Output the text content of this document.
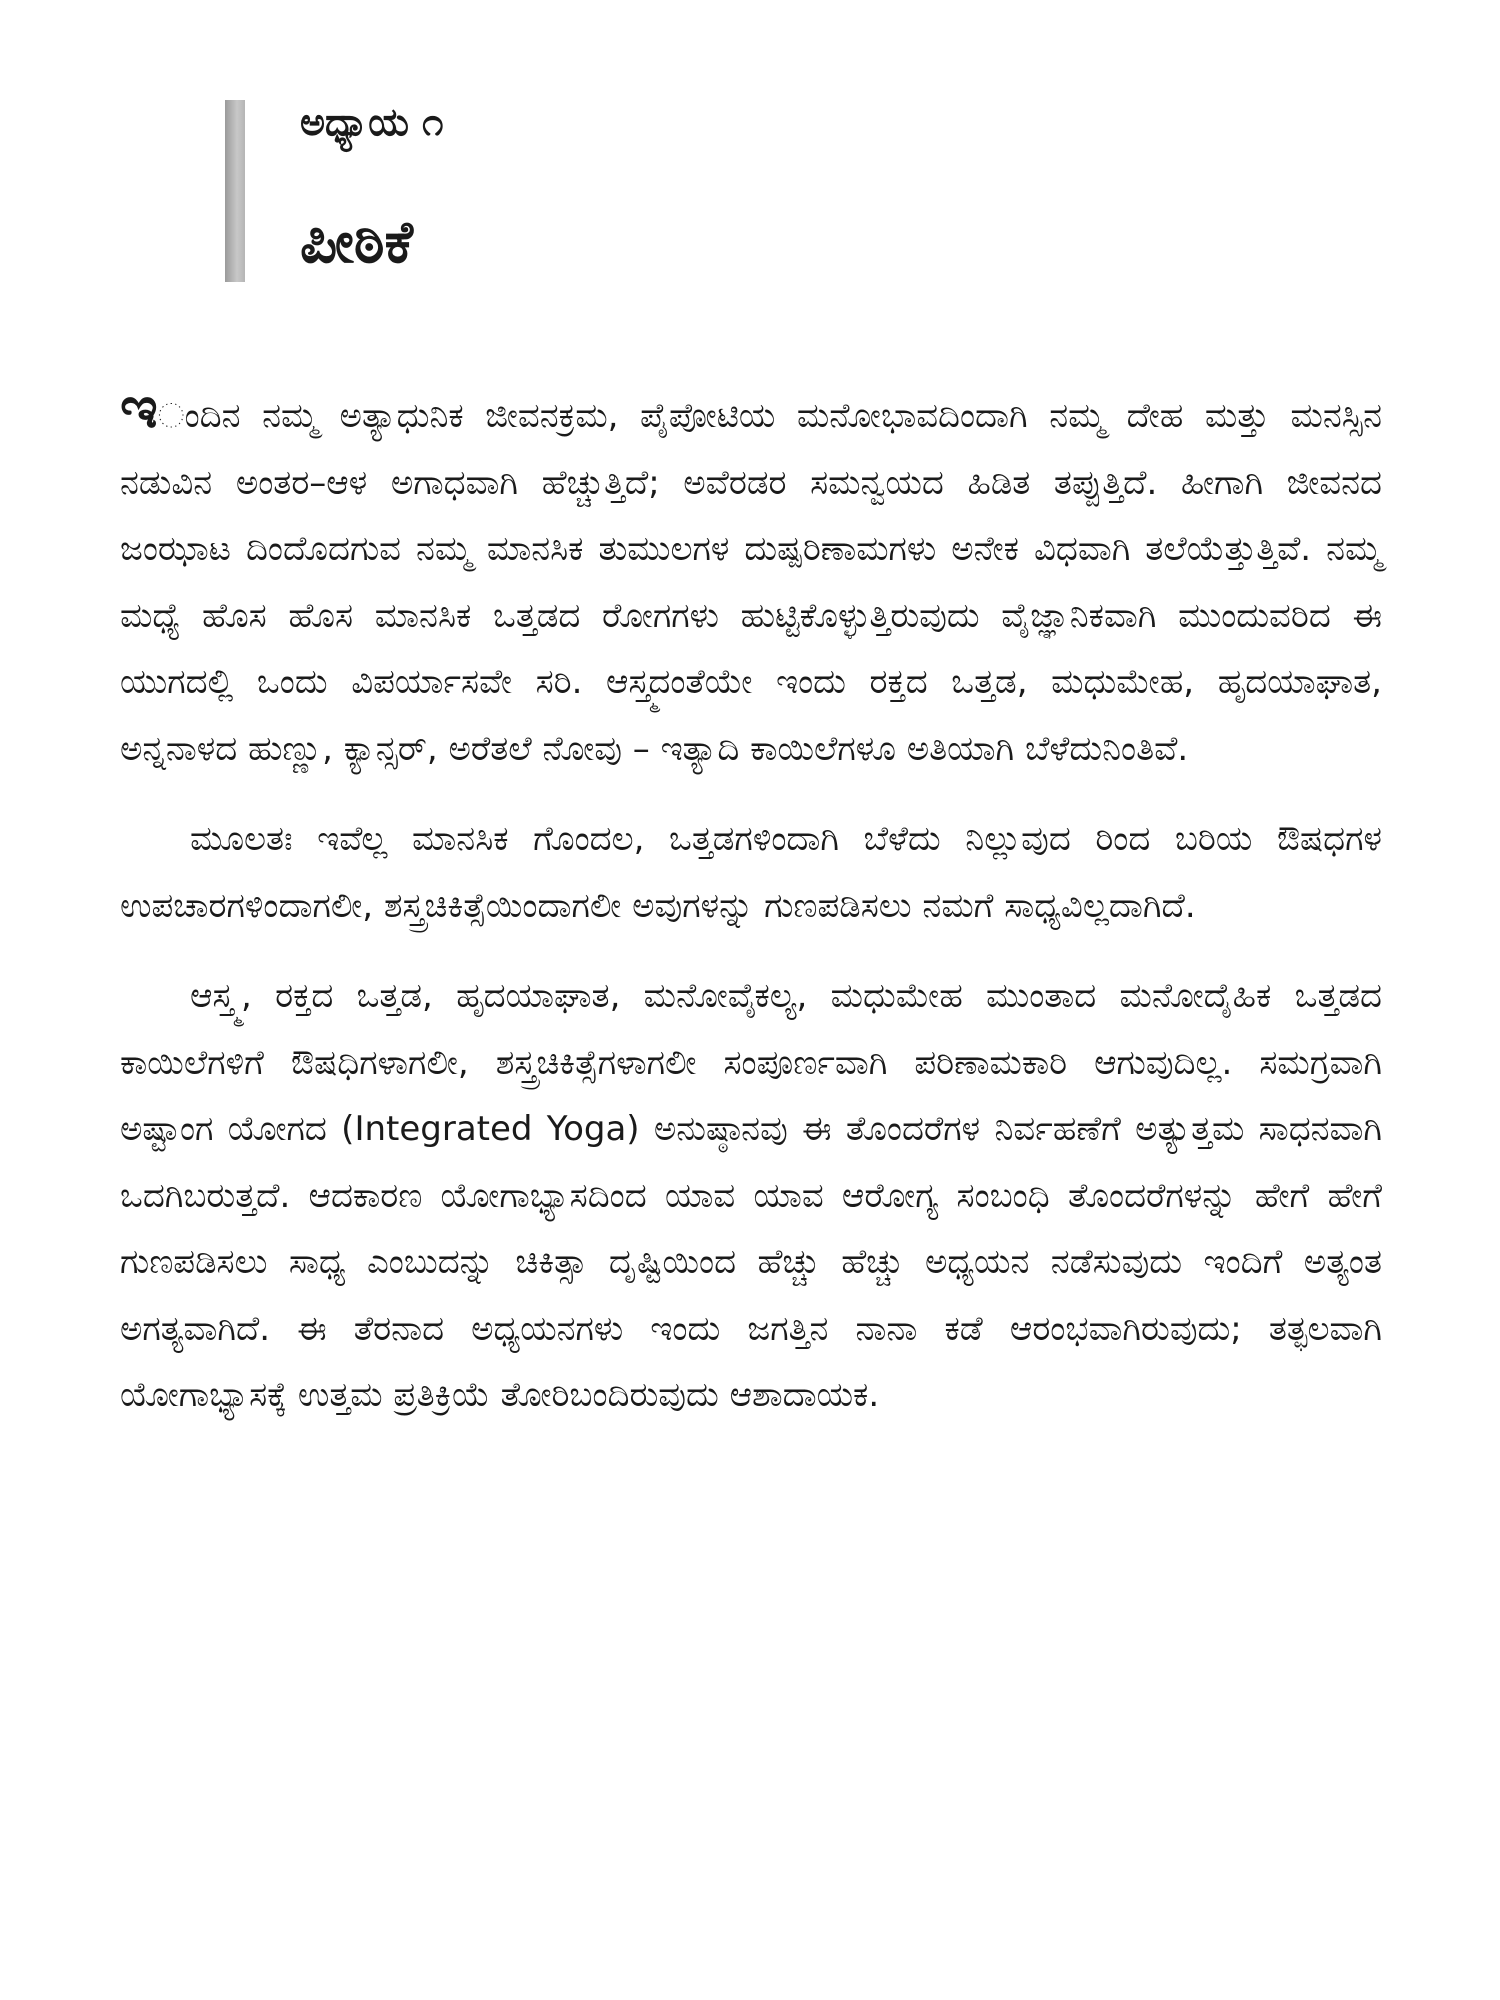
ಅಧ್ಯಾಯ ೧
ಪೀಠಿಕೆ

ಇಂದಿನ ನಮ್ಮ ಅತ್ಯಾಧುನಿಕ ಜೀವನಕ್ರಮ, ಪೈಪೋಟಿಯ ಮನೋಭಾವದಿಂದಾಗಿ ನಮ್ಮ ದೇಹ ಮತ್ತು ಮನಸ್ಸಿನ ನಡುವಿನ ಅಂತರ–ಆಳ ಅಗಾಧವಾಗಿ ಹೆಚ್ಚುತ್ತಿದೆ; ಅವೆರಡರ ಸಮನ್ವಯದ ಹಿಡಿತ ತಪ್ಪುತ್ತಿದೆ. ಹೀಗಾಗಿ ಜೀವನದ ಜಂಝಾಟ ದಿಂದೊದಗುವ ನಮ್ಮ ಮಾನಸಿಕ ತುಮುಲಗಳ ದುಷ್ಪರಿಣಾಮಗಳು ಅನೇಕ ವಿಧವಾಗಿ ತಲೆಯೆತ್ತುತ್ತಿವೆ. ನಮ್ಮ ಮಧ್ಯೆ ಹೊಸ ಹೊಸ ಮಾನಸಿಕ ಒತ್ತಡದ ರೋಗಗಳು ಹುಟ್ಟಿಕೊಳ್ಳುತ್ತಿರುವುದು ವೈಜ್ಞಾನಿಕವಾಗಿ ಮುಂದುವರಿದ ಈ ಯುಗದಲ್ಲಿ ಒಂದು ವಿಪರ್ಯಾಸವೇ ಸರಿ. ಆಸ್ತ್ಮದಂತೆಯೇ ಇಂದು ರಕ್ತದ ಒತ್ತಡ, ಮಧುಮೇಹ, ಹೃದಯಾಘಾತ, ಅನ್ನನಾಳದ ಹುಣ್ಣು, ಕ್ಯಾನ್ಸರ್, ಅರೆತಲೆ ನೋವು – ಇತ್ಯಾದಿ ಕಾಯಿಲೆಗಳೂ ಅತಿಯಾಗಿ ಬೆಳೆದುನಿಂತಿವೆ.

ಮೂಲತಃ ಇವೆಲ್ಲ ಮಾನಸಿಕ ಗೊಂದಲ, ಒತ್ತಡಗಳಿಂದಾಗಿ ಬೆಳೆದು ನಿಲ್ಲುವುದ ರಿಂದ ಬರಿಯ ಔಷಧಗಳ ಉಪಚಾರಗಳಿಂದಾಗಲೀ, ಶಸ್ತ್ರಚಿಕಿತ್ಸೆಯಿಂದಾಗಲೀ ಅವುಗಳನ್ನು ಗುಣಪಡಿಸಲು ನಮಗೆ ಸಾಧ್ಯವಿಲ್ಲದಾಗಿದೆ.

ಆಸ್ತ್ಮ, ರಕ್ತದ ಒತ್ತಡ, ಹೃದಯಾಘಾತ, ಮನೋವೈಕಲ್ಯ, ಮಧುಮೇಹ ಮುಂತಾದ ಮನೋದೈಹಿಕ ಒತ್ತಡದ ಕಾಯಿಲೆಗಳಿಗೆ ಔಷಧಿಗಳಾಗಲೀ, ಶಸ್ತ್ರಚಿಕಿತ್ಸೆಗಳಾಗಲೀ ಸಂಪೂರ್ಣವಾಗಿ ಪರಿಣಾಮಕಾರಿ ಆಗುವುದಿಲ್ಲ. ಸಮಗ್ರವಾಗಿ ಅಷ್ಟಾಂಗ ಯೋಗದ (Integrated Yoga) ಅನುಷ್ಠಾನವು ಈ ತೊಂದರೆಗಳ ನಿರ್ವಹಣೆಗೆ ಅತ್ಯುತ್ತಮ ಸಾಧನವಾಗಿ ಒದಗಿಬರುತ್ತದೆ. ಆದಕಾರಣ ಯೋಗಾಭ್ಯಾಸದಿಂದ ಯಾವ ಯಾವ ಆರೋಗ್ಯ ಸಂಬಂಧಿ ತೊಂದರೆಗಳನ್ನು ಹೇಗೆ ಹೇಗೆ ಗುಣಪಡಿಸಲು ಸಾಧ್ಯ ಎಂಬುದನ್ನು ಚಿಕಿತ್ಸಾ ದೃಷ್ಟಿಯಿಂದ ಹೆಚ್ಚು ಹೆಚ್ಚು ಅಧ್ಯಯನ ನಡೆಸುವುದು ಇಂದಿಗೆ ಅತ್ಯಂತ ಅಗತ್ಯವಾಗಿದೆ. ಈ ತೆರನಾದ ಅಧ್ಯಯನಗಳು ಇಂದು ಜಗತ್ತಿನ ನಾನಾ ಕಡೆ ಆರಂಭವಾಗಿರುವುದು; ತತ್ಫಲವಾಗಿ ಯೋಗಾಭ್ಯಾಸಕ್ಕೆ ಉತ್ತಮ ಪ್ರತಿಕ್ರಿಯೆ ತೋರಿಬಂದಿರುವುದು ಆಶಾದಾಯಕ.
